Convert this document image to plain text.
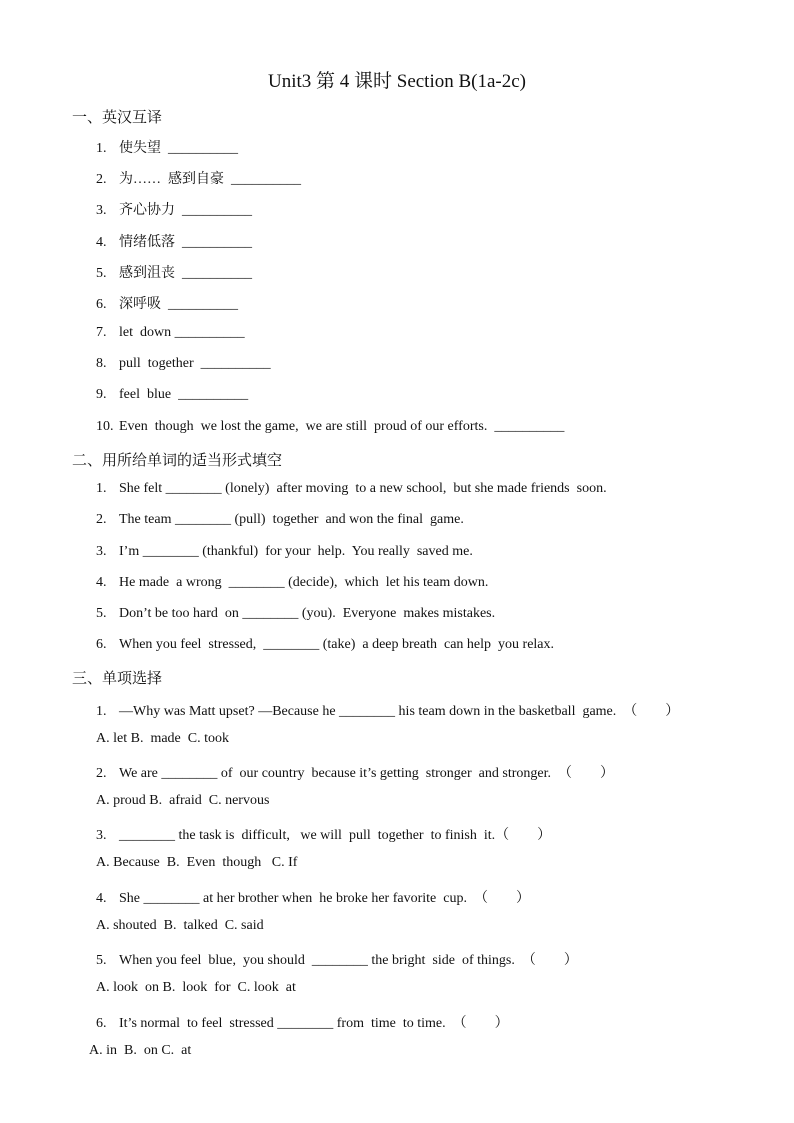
Unit3 第 4 课时 Section B(1a-2c)
一、英汉互译
1. 使失望  __________
2. 为……  感到自豪  __________
3. 齐心协力  __________
4. 情绪低落  __________
5. 感到沮丧  __________
6. 深呼吸  __________
7. let  down __________
8. pull  together  __________
9. feel  blue  __________
10. Even  though  we lost the game,  we are still  proud of our efforts.  __________
二、用所给单词的适当形式填空
1. She felt ________ (lonely)  after moving  to a new school,  but she made friends  soon.
2. The team ________ (pull)  together  and won the final  game.
3. I’m ________ (thankful)  for your  help.  You really  saved me.
4. He made  a wrong  ________ (decide),  which  let his team down.
5. Don’t be too hard  on ________ (you).  Everyone  makes mistakes.
6. When you feel  stressed,  ________ (take)  a deep breath  can help  you relax.
三、单项选择
1. —Why was Matt upset? —Because he ________ his team down in the basketball  game.  （        ）
A. let B.  made  C. took
2. We are ________ of  our country  because it’s getting  stronger  and stronger.  （        ）
A. proud B.  afraid  C. nervous
3. ________ the task is  difficult,   we will  pull  together  to finish  it.（        ）
A. Because  B.  Even  though   C. If
4. She ________ at her brother when  he broke her favorite  cup.  （        ）
A. shouted  B.  talked  C. said
5. When you feel  blue,  you should  ________ the bright  side  of things.  （        ）
A. look  on B.  look  for  C. look  at
6. It’s normal  to feel  stressed ________ from  time  to time.  （        ）
A. in  B.  on C.  at
